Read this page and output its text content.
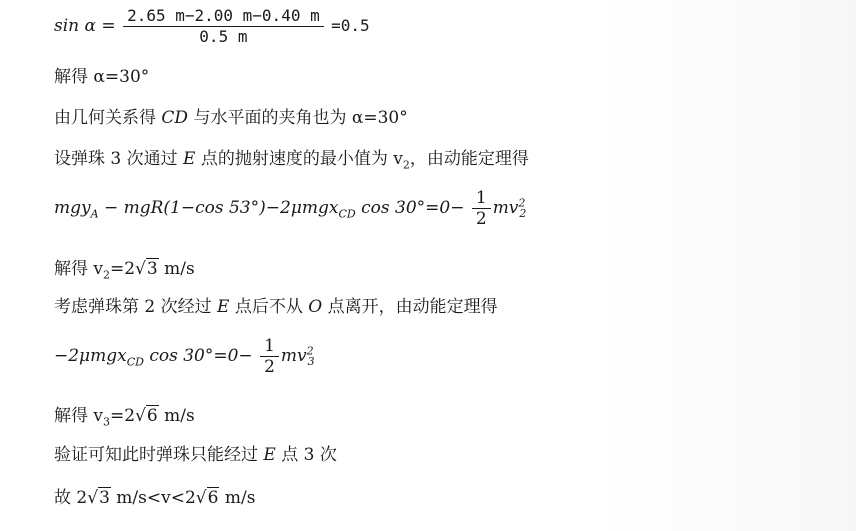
$\sin \alpha = \frac{2.65 m-2.00 m-0.40 m}{0.5 m} =0.5$
解得 α=30°
由几何关系得 CD 与水平面的夹角也为 α=30°
设弹珠 3 次通过 E 点的抛射速度的最小值为 $v_2$，由动能定理得
mgy$_A$ − mgR(1−cos 53°)−2μmgx$_{CD}$ $\cos 30^\circ=0- \frac{1}{2} mv^2_2$
解得 $v_2=2√3$ m/s
考虑弹珠第 2 次经过 E 点后不从 O 点离开，由动能定理得
−2μmgx$_{CD}$ $\cos 30^\circ=0- \frac{1}{2} mv^2_3$
解得 $v_3=2√6$ m/s
验证可知此时弹珠只能经过 E 点 3 次
故 2√3 m/s<v<2√6 m/s
